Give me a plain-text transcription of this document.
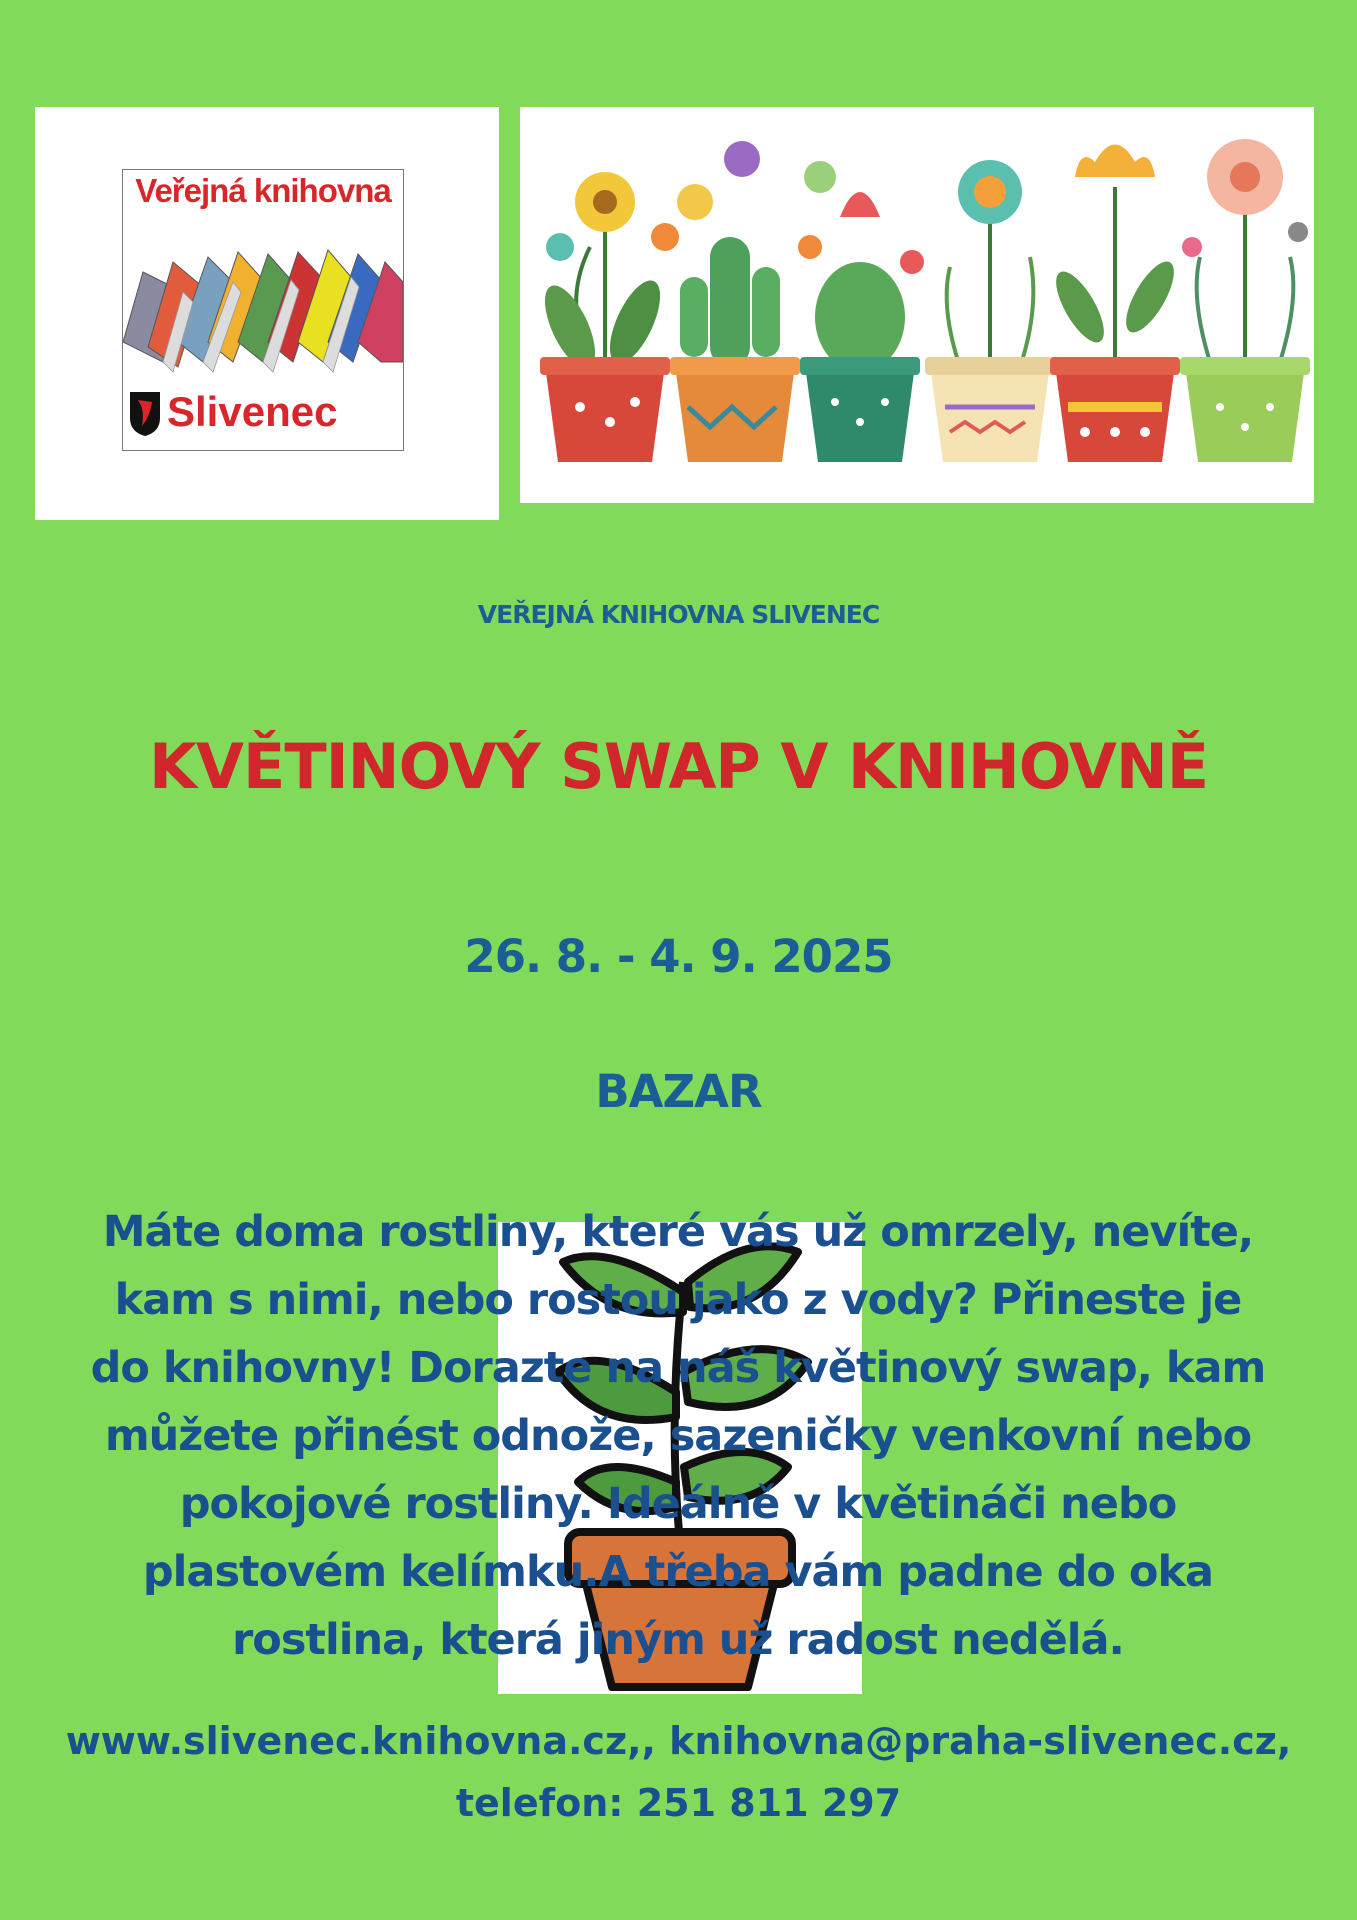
Veřejná knihovna
Slivenec
VEŘEJNÁ KNIHOVNA SLIVENEC
KVĚTINOVÝ SWAP V KNIHOVNĚ
26. 8. - 4. 9. 2025
BAZAR
Máte doma rostliny, které vás už omrzely, nevíte, kam s nimi, nebo rostou jako z vody? Přineste je do knihovny! Dorazte na náš květinový swap, kam můžete přinést odnože, sazeničky venkovní nebo pokojové rostliny. Ideálně v květináči nebo plastovém kelímku.A třeba vám padne do oka rostlina, která jiným už radost nedělá.
www.slivenec.knihovna.cz,, knihovna@praha-slivenec.cz,
telefon: 251 811 297
